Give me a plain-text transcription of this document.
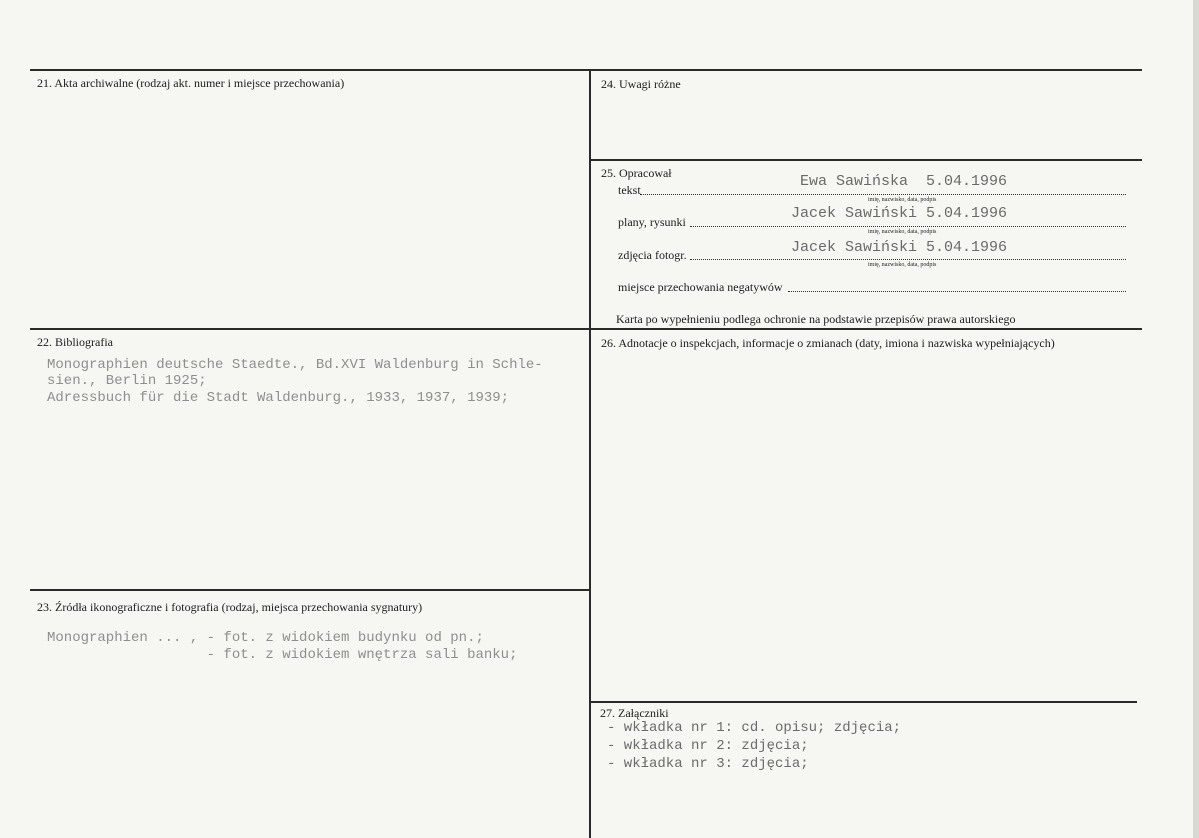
21. Akta archiwalne (rodzaj akt. numer i miejsce przechowania)	24. Uwagi różne
25. Opracował
tekst	Ewa Sawińska  5.04.1996
imię, nazwisko, data, podpis
plany, rysunki	Jacek Sawiński 5.04.1996
imię, nazwisko, data, podpis
zdjęcia fotogr.	Jacek Sawiński 5.04.1996
imię, nazwisko, data, podpis
miejsce przechowania negatywów
Karta po wypełnieniu podlega ochronie na podstawie przepisów prawa autorskiego
22. Bibliografia
Monographien deutsche Staedte., Bd.XVI Waldenburg in Schle-
sien., Berlin 1925;
Adressbuch für die Stadt Waldenburg., 1933, 1937, 1939;
26. Adnotacje o inspekcjach, informacje o zmianach (daty, imiona i nazwiska wypełniających)
23. Źródła ikonograficzne i fotografia (rodzaj, miejsca przechowania sygnatury)
Monographien ... , - fot. z widokiem budynku od pn.;
- fot. z widokiem wnętrza sali banku;
27. Załączniki
- wkładka nr 1: cd. opisu; zdjęcia;
- wkładka nr 2: zdjęcia;
- wkładka nr 3: zdjęcia;
